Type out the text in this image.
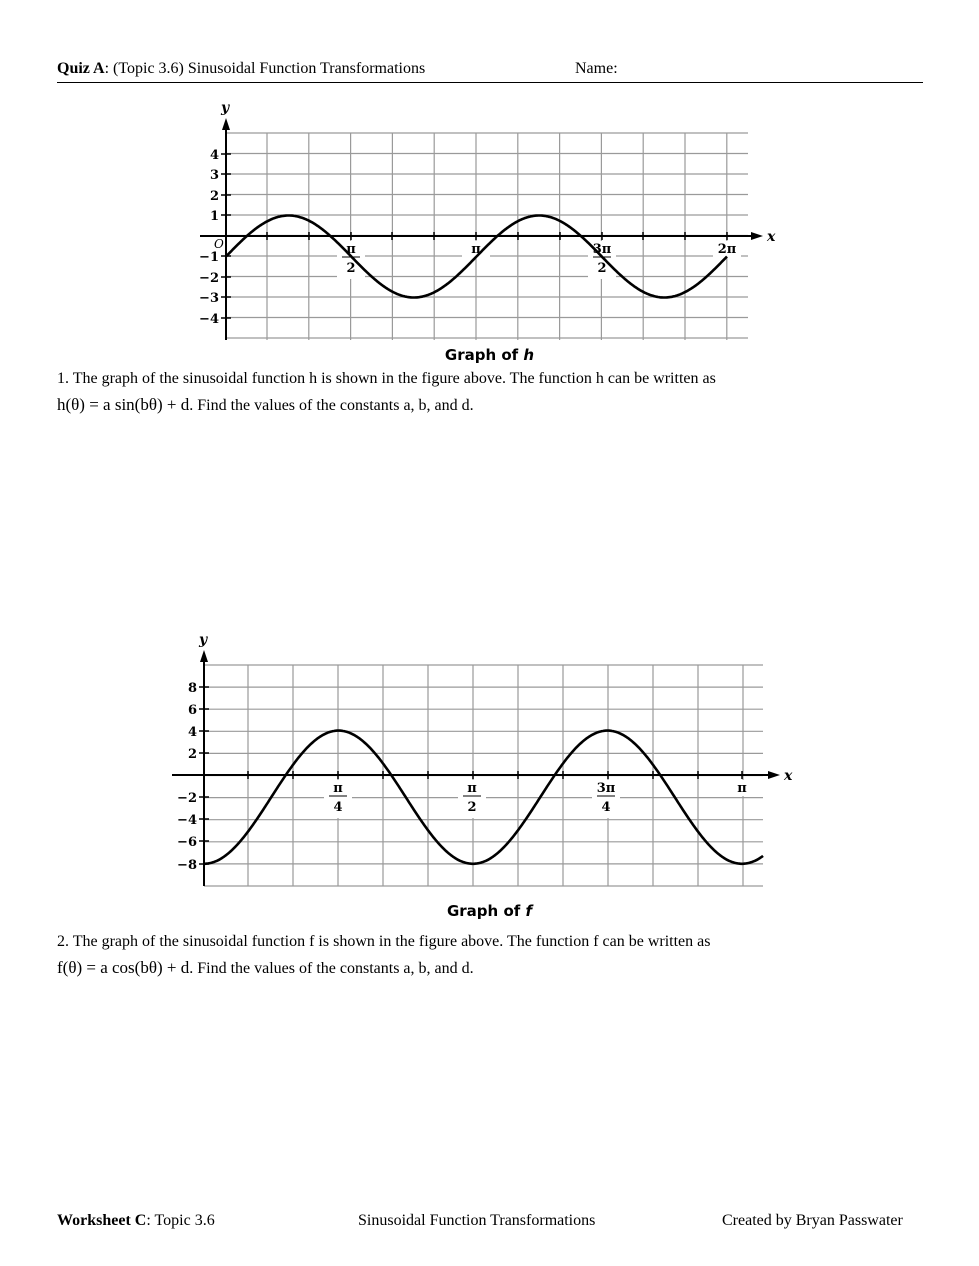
Quiz A: (Topic 3.6) Sinusoidal Function Transformations	Name:
x
y
4
3
2
1
−1
−2
−3
−4
π
2
π	3π
2
2π
O
Graph of h
1. The graph of the sinusoidal function h is shown in the figure above. The function h can be written as
h(θ) = a sin(bθ) + d. Find the values of the constants a, b, and d.
x
y
8
6
4
2
−2
−4
−6
−8
π
4
π
2
3π
4
π
Graph of f
2. The graph of the sinusoidal function f is shown in the figure above. The function f can be written as
f(θ) = a cos(bθ) + d. Find the values of the constants a, b, and d.
Worksheet C: Topic 3.6	Sinusoidal Function Transformations	Created by Bryan Passwater
